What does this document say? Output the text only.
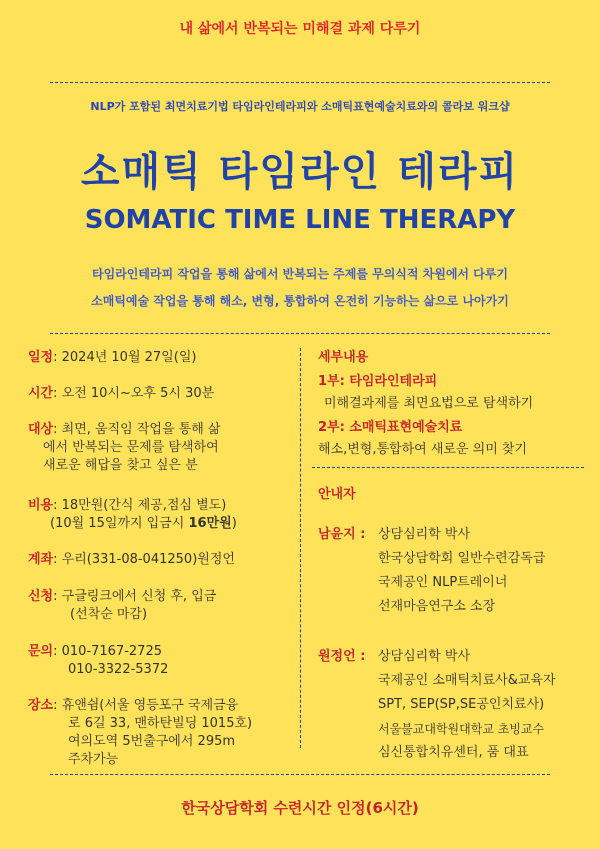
내 삶에서 반복되는 미해결 과제 다루기
NLP가 포함된 최면치료기법 타임라인테라피와 소매틱표현예술치료와의 콜라보 워크샵
소매틱 타임라인 테라피
SOMATIC TIME LINE THERAPY
타임라인테라피 작업을 통해 삶에서 반복되는 주제를 무의식적 차원에서 다루기
소매틱예술 작업을 통해 해소, 변형, 통합하여 온전히 기능하는 삶으로 나아가기
일정: 2024년 10월 27일(일)
시간: 오전 10시~오후 5시 30분
대상: 최면, 움직임 작업을 통해 삶
에서 반복되는 문제를 탐색하여
새로운 해답을 찾고 싶은 분
비용: 18만원(간식 제공,점심 별도)
(10월 15일까지 입금시 16만원)
계좌: 우리(331-08-041250)원정언
신청: 구글링크에서 신청 후, 입금
(선착순 마감)
문의: 010-7167-2725
010-3322-5372
장소: 휴앤쉼(서울 영등포구 국제금융
로 6길 33, 맨하탄빌딩 1015호)
여의도역 5번출구에서 295m
주차가능
세부내용
1부: 타임라인테라피
미해결과제를 최면요법으로 탐색하기
2부: 소매틱표현예술치료
해소,변형,통합하여 새로운 의미 찾기
안내자
남윤지 : 상담심리학 박사
한국상담학회 일반수련감독급
국제공인 NLP트레이너
선재마음연구소 소장
원정언 : 상담심리학 박사
국제공인 소매틱치료사&교육자
SPT, SEP(SP,SE공인치료사)
서울불교대학원대학교 초빙교수
심신통합치유센터, 품 대표
한국상담학회 수련시간 인정(6시간)
